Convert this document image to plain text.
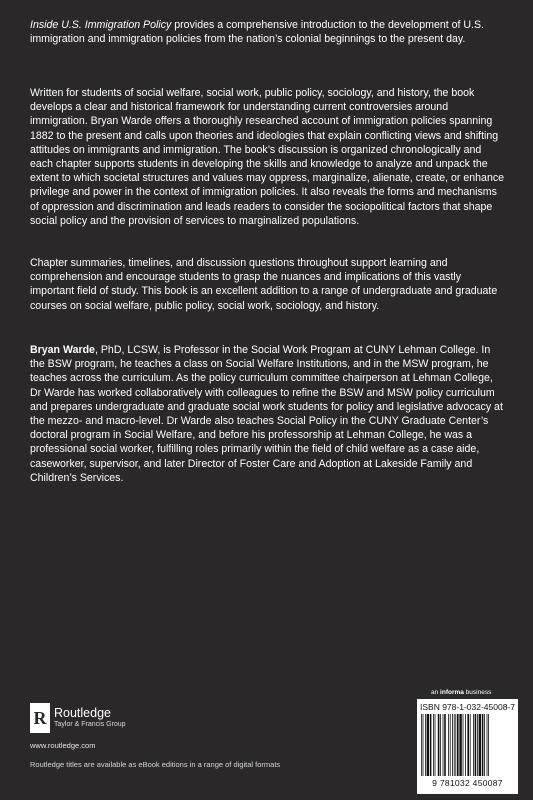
Inside U.S. Immigration Policy provides a comprehensive introduction to the development of U.S. immigration and immigration policies from the nation’s colonial beginnings to the present day.

Written for students of social welfare, social work, public policy, sociology, and history, the book develops a clear and historical framework for understanding current controversies around immigration. Bryan Warde offers a thoroughly researched account of immigration policies spanning 1882 to the present and calls upon theories and ideologies that explain conflicting views and shifting attitudes on immigrants and immigration. The book’s discussion is organized chronologically and each chapter supports students in developing the skills and knowledge to analyze and unpack the extent to which societal structures and values may oppress, marginalize, alienate, create, or enhance privilege and power in the context of immigration policies. It also reveals the forms and mechanisms of oppression and discrimination and leads readers to consider the sociopolitical factors that shape social policy and the provision of services to marginalized populations.

Chapter summaries, timelines, and discussion questions throughout support learning and comprehension and encourage students to grasp the nuances and implications of this vastly important field of study. This book is an excellent addition to a range of undergraduate and graduate courses on social welfare, public policy, social work, sociology, and history.

Bryan Warde, PhD, LCSW, is Professor in the Social Work Program at CUNY Lehman College. In the BSW program, he teaches a class on Social Welfare Institutions, and in the MSW program, he teaches across the curriculum. As the policy curriculum committee chairperson at Lehman College, Dr Warde has worked collaboratively with colleagues to refine the BSW and MSW policy curriculum and prepares undergraduate and graduate social work students for policy and legislative advocacy at the mezzo- and macro-level. Dr Warde also teaches Social Policy in the CUNY Graduate Center’s doctoral program in Social Welfare, and before his professorship at Lehman College, he was a professional social worker, fulfilling roles primarily within the field of child welfare as a case aide, caseworker, supervisor, and later Director of Foster Care and Adoption at Lakeside Family and Children’s Services.

an informa business
R Routledge
Taylor & Francis Group
www.routledge.com
Routledge titles are available as eBook editions in a range of digital formats
ISBN 978-1-032-45008-7
9 781032 450087
